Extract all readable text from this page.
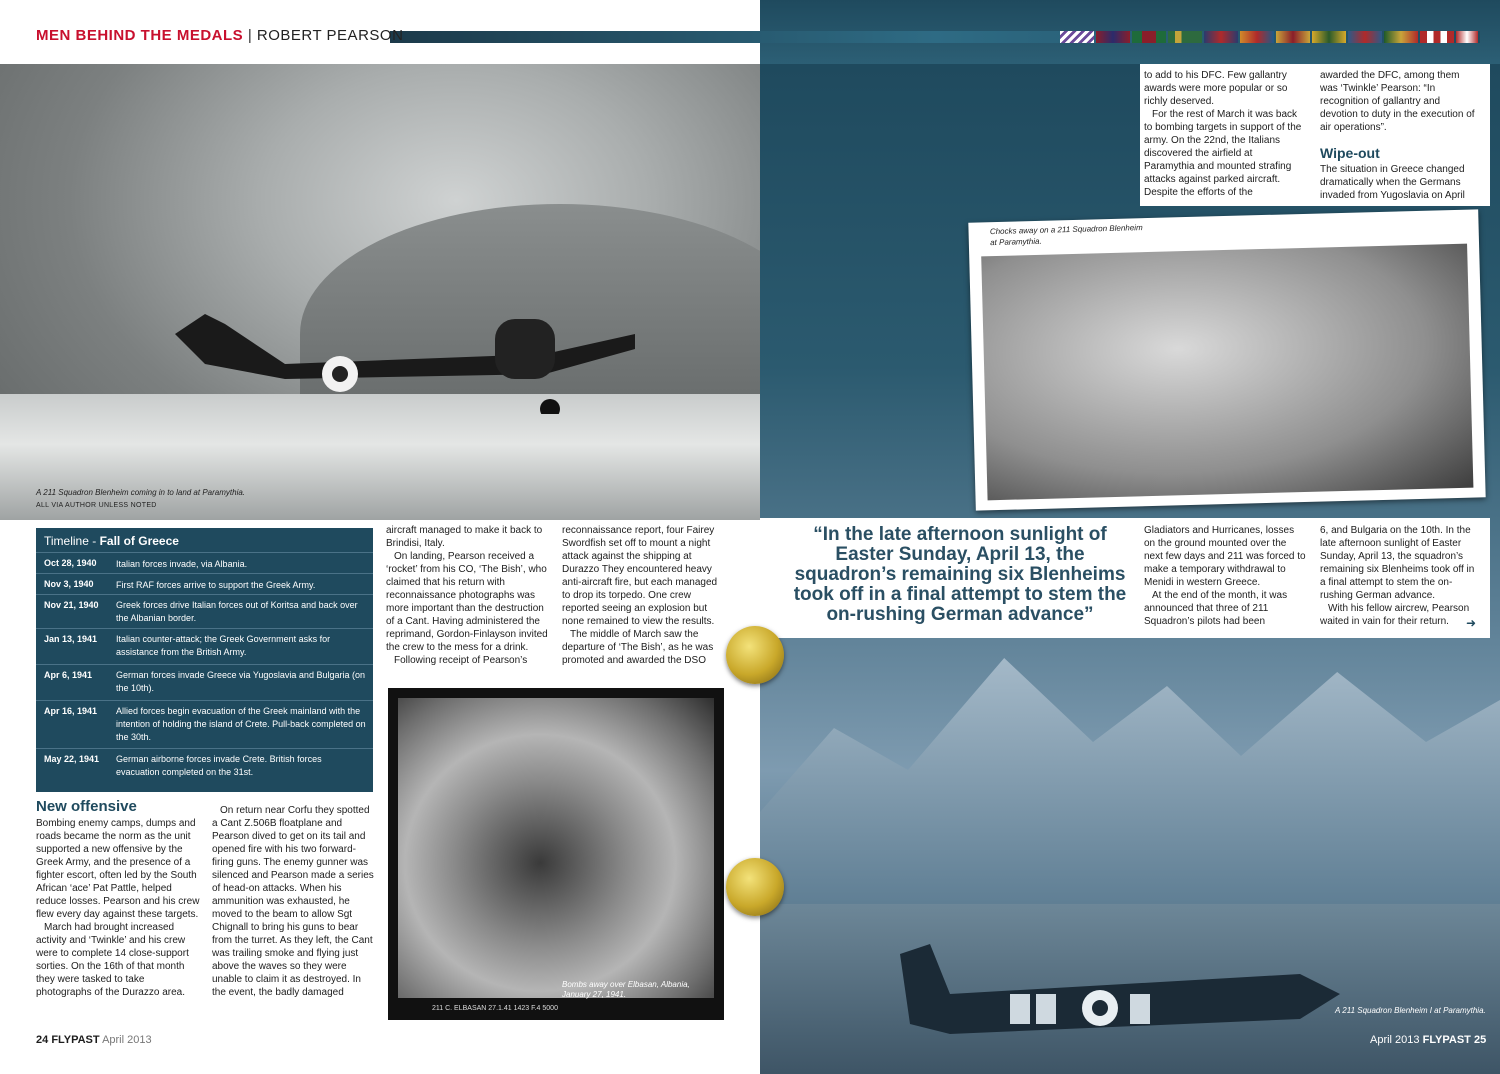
MEN BEHIND THE MEDALS | ROBERT PEARSON
A 211 Squadron Blenheim coming in to land at Paramythia. ALL VIA AUTHOR UNLESS NOTED

to add to his DFC. Few gallantry awards were more popular or so richly deserved.

For the rest of March it was back to bombing targets in support of the army. On the 22nd, the Italians discovered the airfield at Paramythia and mounted strafing attacks against parked aircraft. Despite the efforts of the

awarded the DFC, among them was ‘Twinkle’ Pearson: “In recognition of gallantry and devotion to duty in the execution of air operations”.

Wipe-out

The situation in Greece changed dramatically when the Germans invaded from Yugoslavia on April

Chocks away on a 211 Squadron Blenheim at Paramythia.
“In the late afternoon sunlight of Easter Sunday, April 13, the squadron’s remaining six Blenheims took off in a final attempt to stem the on-rushing German advance”

Gladiators and Hurricanes, losses on the ground mounted over the next few days and 211 was forced to make a temporary withdrawal to Menidi in western Greece.

At the end of the month, it was announced that three of 211 Squadron’s pilots had been

6, and Bulgaria on the 10th. In the late afternoon sunlight of Easter Sunday, April 13, the squadron’s remaining six Blenheims took off in a final attempt to stem the on-rushing German advance.

With his fellow aircrew, Pearson waited in vain for their return.	➜
Timeline - Fall of Greece
Oct 28, 1940 Italian forces invade, via Albania.
Nov 3, 1940 First RAF forces arrive to support the Greek Army.
Nov 21, 1940 Greek forces drive Italian forces out of Koritsa and back over the Albanian border.
Jan 13, 1941 Italian counter-attack; the Greek Government asks for assistance from the British Army.
Apr 6, 1941	German forces invade Greece via Yugoslavia and Bulgaria (on the 10th).
Apr 16, 1941 Allied forces begin evacuation of the Greek mainland with the intention of holding the island of Crete. Pull-back completed on the 30th.
May 22, 1941 German airborne forces invade Crete. British forces evacuation completed on the 31st.
New offensive

Bombing enemy camps, dumps and roads became the norm as the unit supported a new offensive by the Greek Army, and the presence of a fighter escort, often led by the South African ‘ace’ Pat Pattle, helped reduce losses. Pearson and his crew flew every day against these targets.

March had brought increased activity and ‘Twinkle’ and his crew were to complete 14 close-support sorties. On the 16th of that month they were tasked to take photographs of the Durazzo area.

On return near Corfu they spotted a Cant Z.506B floatplane and Pearson dived to get on its tail and opened fire with his two forward-firing guns. The enemy gunner was silenced and Pearson made a series of head-on attacks. When his ammunition was exhausted, he moved to the beam to allow Sgt Chignall to bring his guns to bear from the turret. As they left, the Cant was trailing smoke and flying just above the waves so they were unable to claim it as destroyed. In the event, the badly damaged

aircraft managed to make it back to Brindisi, Italy.

On landing, Pearson received a ‘rocket’ from his CO, ‘The Bish’, who claimed that his return with reconnaissance photographs was more important than the destruction of a Cant. Having administered the reprimand, Gordon-Finlayson invited the crew to the mess for a drink.

Following receipt of Pearson’s

reconnaissance report, four Fairey Swordfish set off to mount a night attack against the shipping at Durazzo They encountered heavy anti-aircraft fire, but each managed to drop its torpedo. One crew reported seeing an explosion but none remained to view the results.

The middle of March saw the departure of ‘The Bish’, as he was promoted and awarded the DSO

Bombs away over Elbasan, Albania, January 27, 1941.
211 C. ELBASAN 27.1.41 1423 F.4 5000	A 211 Squadron Blenheim I at Paramythia.
24 FLYPAST April 2013	April 2013 FLYPAST 25
